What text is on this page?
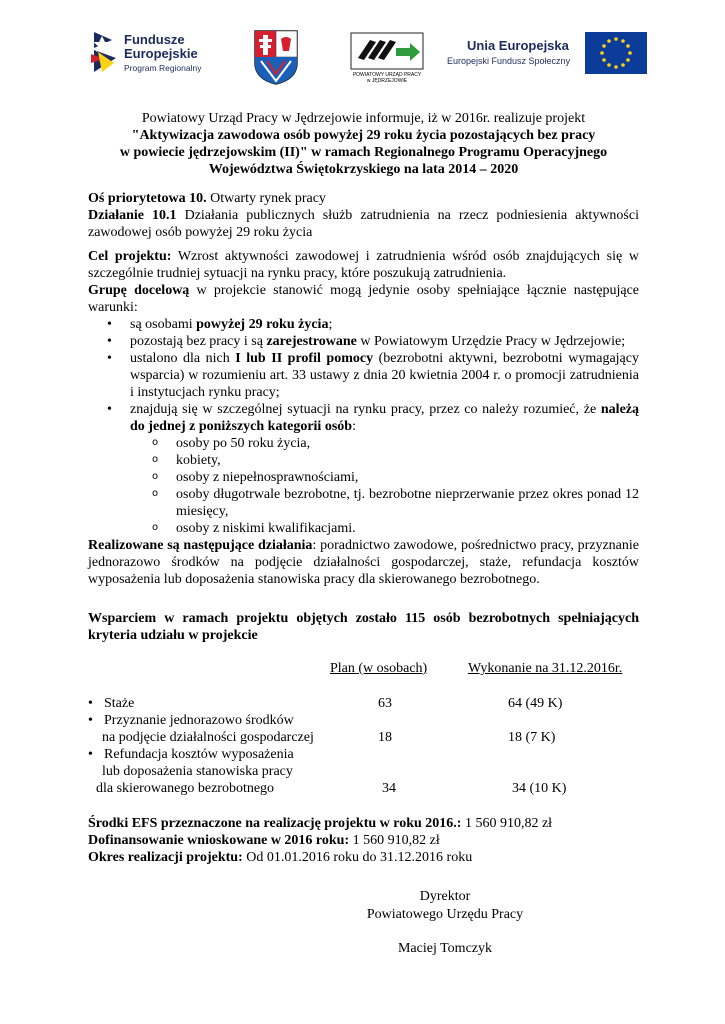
Fundusze
Europejskie
Program Regionalny
POWIATOWY URZĄD PRACY
w JĘDRZEJOWIE
Unia Europejska
Europejski Fundusz Społeczny
Powiatowy Urząd Pracy w Jędrzejowie informuje, iż w 2016r. realizuje projekt
"Aktywizacja zawodowa osób powyżej 29 roku życia pozostających bez pracy
w powiecie jędrzejowskim (II)" w ramach Regionalnego Programu Operacyjnego
Województwa Świętokrzyskiego na lata 2014 – 2020

Oś priorytetowa 10. Otwarty rynek pracy

Działanie 10.1 Działania publicznych służb zatrudnienia na rzecz podniesienia aktywności zawodowej osób powyżej 29 roku życia

Cel projektu: Wzrost aktywności zawodowej i zatrudnienia wśród osób znajdujących się w szczególnie trudniej sytuacji na rynku pracy, które poszukują zatrudnienia.

Grupę docelową w projekcie stanowić mogą jedynie osoby spełniające łącznie następujące warunki:

• są osobami powyżej 29 roku życia;
• pozostają bez pracy i są zarejestrowane w Powiatowym Urzędzie Pracy w Jędrzejowie;
• ustalono dla nich I lub II profil pomocy (bezrobotni aktywni, bezrobotni wymagający wsparcia) w rozumieniu art. 33 ustawy z dnia 20 kwietnia 2004 r. o promocji zatrudnienia i instytucjach rynku pracy;
• znajdują się w szczególnej sytuacji na rynku pracy, przez co należy rozumieć, że należą do jednej z poniższych kategorii osób:
o osoby po 50 roku życia,
o kobiety,
o osoby z niepełnosprawnościami,
o osoby długotrwale bezrobotne, tj. bezrobotne nieprzerwanie przez okres ponad 12 miesięcy,
o osoby z niskimi kwalifikacjami.

Realizowane są następujące działania: poradnictwo zawodowe, pośrednictwo pracy, przyznanie jednorazowo środków na podjęcie działalności gospodarczej, staże, refundacja kosztów wyposażenia lub doposażenia stanowiska pracy dla skierowanego bezrobotnego.

Wsparciem w ramach projektu objętych zostało 115 osób bezrobotnych spełniających kryteria udziału w projekcie
Plan (w osobach)	Wykonanie na 31.12.2016r.
• Staże	63	64 (49 K)
• Przyznanie jednorazowo środków
na podjęcie działalności gospodarczej	18	18 (7 K)
• Refundacja kosztów wyposażenia
lub doposażenia stanowiska pracy
dla skierowanego bezrobotnego	34	34 (10 K)

Środki EFS przeznaczone na realizację projektu w roku 2016.: 1 560 910,82 zł

Dofinansowanie wnioskowane w 2016 roku: 1 560 910,82 zł

Okres realizacji projektu: Od 01.01.2016 roku do 31.12.2016 roku

Dyrektor
Powiatowego Urzędu Pracy
Maciej Tomczyk
